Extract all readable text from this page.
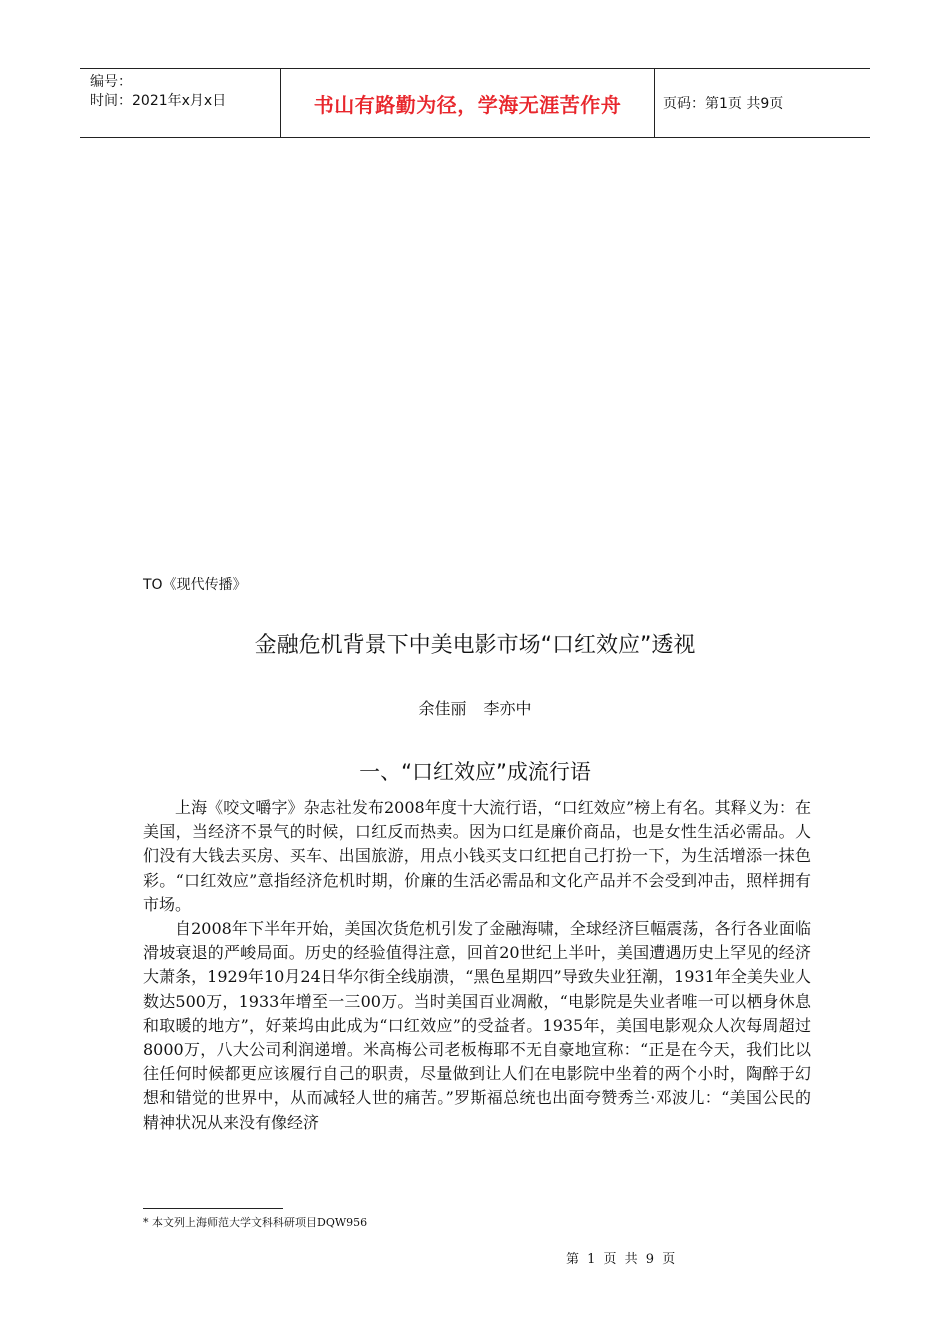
编号：
时间：2021年x月x日	书山有路勤为径，学海无涯苦作舟	页码：第1页 共9页
TO《现代传播》
金融危机背景下中美电影市场“口红效应”透视
余佳丽 李亦中
一、“口红效应”成流行语

上海《咬文嚼字》杂志社发布2008年度十大流行语，“口红效应”榜上有名。其释义为：在美国，当经济不景气的时候，口红反而热卖。因为口红是廉价商品，也是女性生活必需品。人们没有大钱去买房、买车、出国旅游，用点小钱买支口红把自己打扮一下，为生活增添一抹色彩。“口红效应”意指经济危机时期，价廉的生活必需品和文化产品并不会受到冲击，照样拥有市场。

自2008年下半年开始，美国次货危机引发了金融海啸，全球经济巨幅震荡，各行各业面临滑坡衰退的严峻局面。历史的经验值得注意，回首20世纪上半叶，美国遭遇历史上罕见的经济大萧条，1929年10月24日华尔街全线崩溃，“黑色星期四”导致失业狂潮，1931年全美失业人数达500万，1933年增至一三00万。当时美国百业凋敝，“电影院是失业者唯一可以栖身休息和取暖的地方”，好莱坞由此成为“口红效应”的受益者。1935年，美国电影观众人次每周超过8000万，八大公司利润递增。米高梅公司老板梅耶不无自豪地宣称：“正是在今天，我们比以往任何时候都更应该履行自己的职责，尽量做到让人们在电影院中坐着的两个小时，陶醉于幻想和错觉的世界中，从而减轻人世的痛苦。”罗斯福总统也出面夸赞秀兰·邓波儿：“美国公民的精神状况从来没有像经济

* 本文列上海师范大学文科科研项目DQW956
第 1 页 共 9 页
